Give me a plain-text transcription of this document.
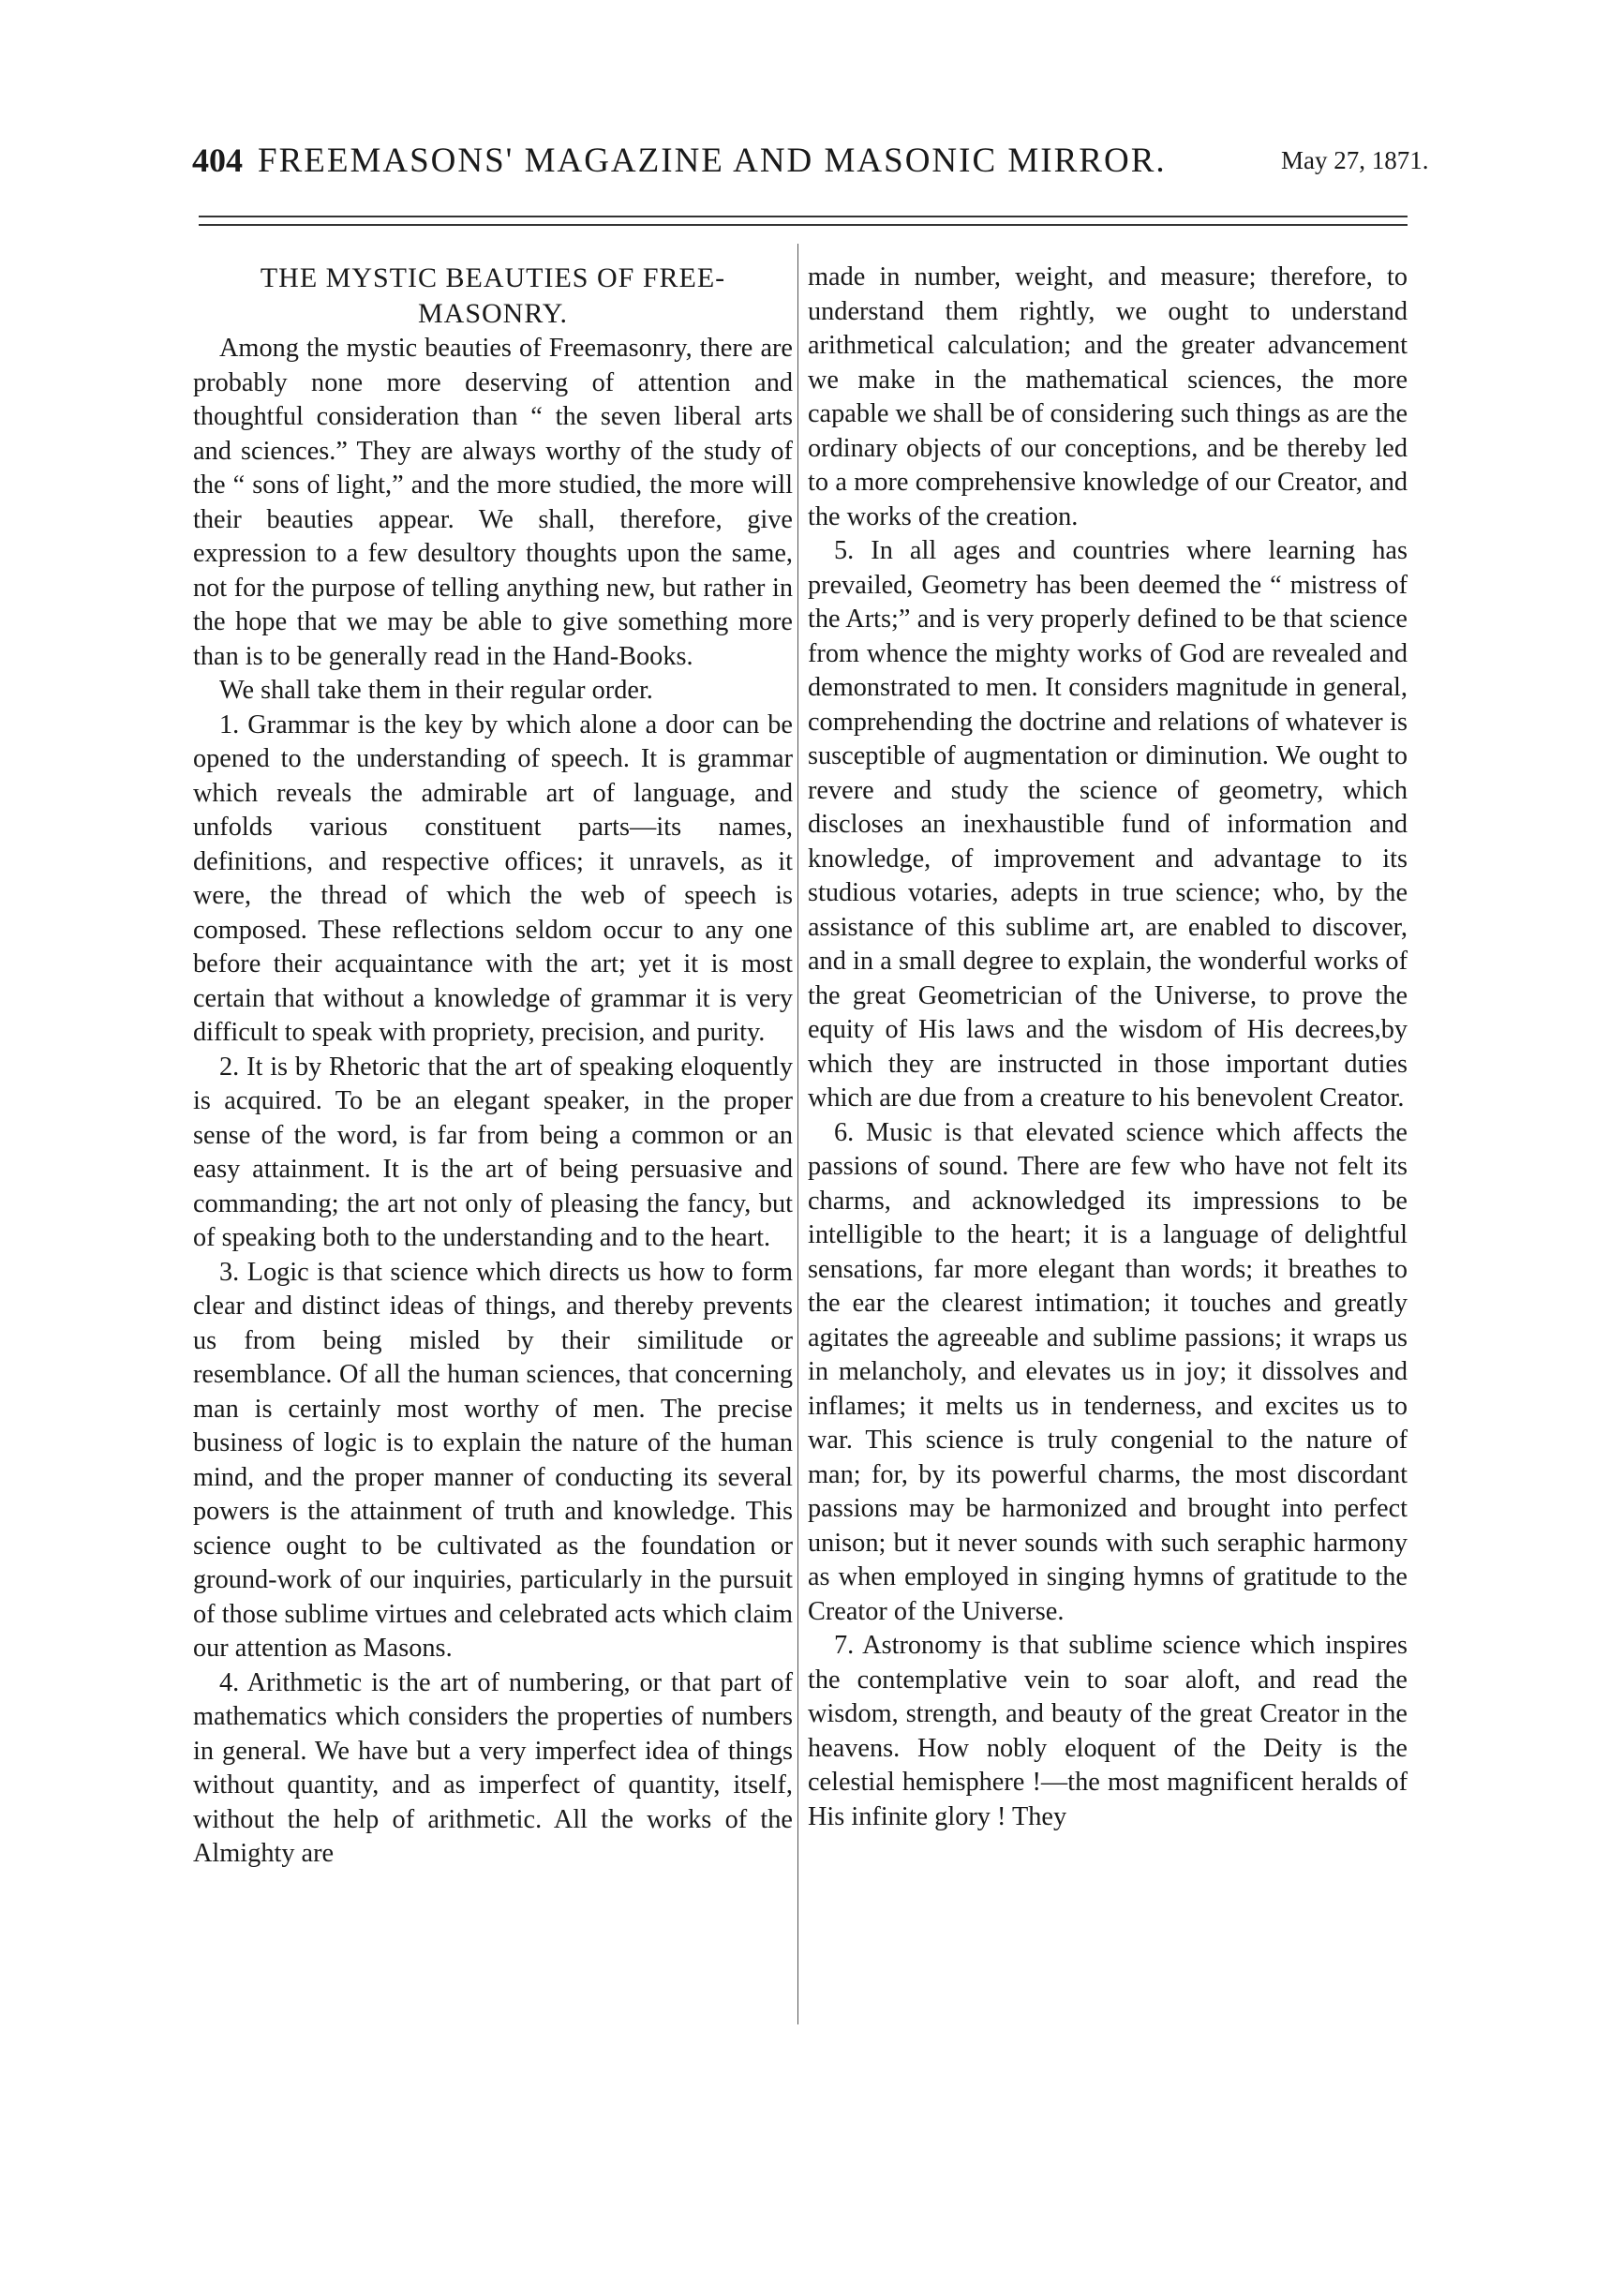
404 FREEMASONS' MAGAZINE AND MASONIC MIRROR.	May 27, 1871.
THE MYSTIC BEAUTIES OF FREE- MASONRY.

Among the mystic beauties of Freemasonry, there are probably none more deserving of attention and thoughtful consideration than “ the seven liberal arts and sciences.” They are always worthy of the study of the “ sons of light,” and the more studied, the more will their beauties appear. We shall, therefore, give expression to a few desultory thoughts upon the same, not for the purpose of telling anything new, but rather in the hope that we may be able to give something more than is to be generally read in the Hand-Books.

We shall take them in their regular order.

1. Grammar is the key by which alone a door can be opened to the understanding of speech. It is grammar which reveals the admirable art of language, and unfolds various constituent parts—its names, definitions, and respective offices; it unravels, as it were, the thread of which the web of speech is composed. These reflections seldom occur to any one before their acquaintance with the art; yet it is most certain that without a knowledge of grammar it is very difficult to speak with propriety, precision, and purity.

2. It is by Rhetoric that the art of speaking eloquently is acquired. To be an elegant speaker, in the proper sense of the word, is far from being a common or an easy attainment. It is the art of being persuasive and commanding; the art not only of pleasing the fancy, but of speaking both to the understanding and to the heart.

3. Logic is that science which directs us how to form clear and distinct ideas of things, and thereby prevents us from being misled by their similitude or resemblance. Of all the human sciences, that concerning man is certainly most worthy of men. The precise business of logic is to explain the nature of the human mind, and the proper manner of conducting its several powers is the attainment of truth and knowledge. This science ought to be cultivated as the foundation or ground-work of our inquiries, particularly in the pursuit of those sublime virtues and celebrated acts which claim our attention as Masons.

4. Arithmetic is the art of numbering, or that part of mathematics which considers the properties of numbers in general. We have but a very imperfect idea of things without quantity, and as imperfect of quantity, itself, without the help of arithmetic. All the works of the Almighty are

made in number, weight, and measure; therefore, to understand them rightly, we ought to understand arithmetical calculation; and the greater advancement we make in the mathematical sciences, the more capable we shall be of considering such things as are the ordinary objects of our conceptions, and be thereby led to a more comprehensive knowledge of our Creator, and the works of the creation.

5. In all ages and countries where learning has prevailed, Geometry has been deemed the “ mistress of the Arts;” and is very properly defined to be that science from whence the mighty works of God are revealed and demonstrated to men. It considers magnitude in general, comprehending the doctrine and relations of whatever is susceptible of augmentation or diminution. We ought to revere and study the science of geometry, which discloses an inexhaustible fund of information and knowledge, of improvement and advantage to its studious votaries, adepts in true science; who, by the assistance of this sublime art, are enabled to discover, and in a small degree to explain, the wonderful works of the great Geometrician of the Universe, to prove the equity of His laws and the wisdom of His decrees,by which they are instructed in those important duties which are due from a creature to his benevolent Creator.

6. Music is that elevated science which affects the passions of sound. There are few who have not felt its charms, and acknowledged its impressions to be intelligible to the heart; it is a language of delightful sensations, far more elegant than words; it breathes to the ear the clearest intimation; it touches and greatly agitates the agreeable and sublime passions; it wraps us in melancholy, and elevates us in joy; it dissolves and inflames; it melts us in tenderness, and excites us to war. This science is truly congenial to the nature of man; for, by its powerful charms, the most discordant passions may be harmonized and brought into perfect unison; but it never sounds with such seraphic harmony as when employed in singing hymns of gratitude to the Creator of the Universe.

7. Astronomy is that sublime science which inspires the contemplative vein to soar aloft, and read the wisdom, strength, and beauty of the great Creator in the heavens. How nobly eloquent of the Deity is the celestial hemisphere !—the most magnificent heralds of His infinite glory ! They
